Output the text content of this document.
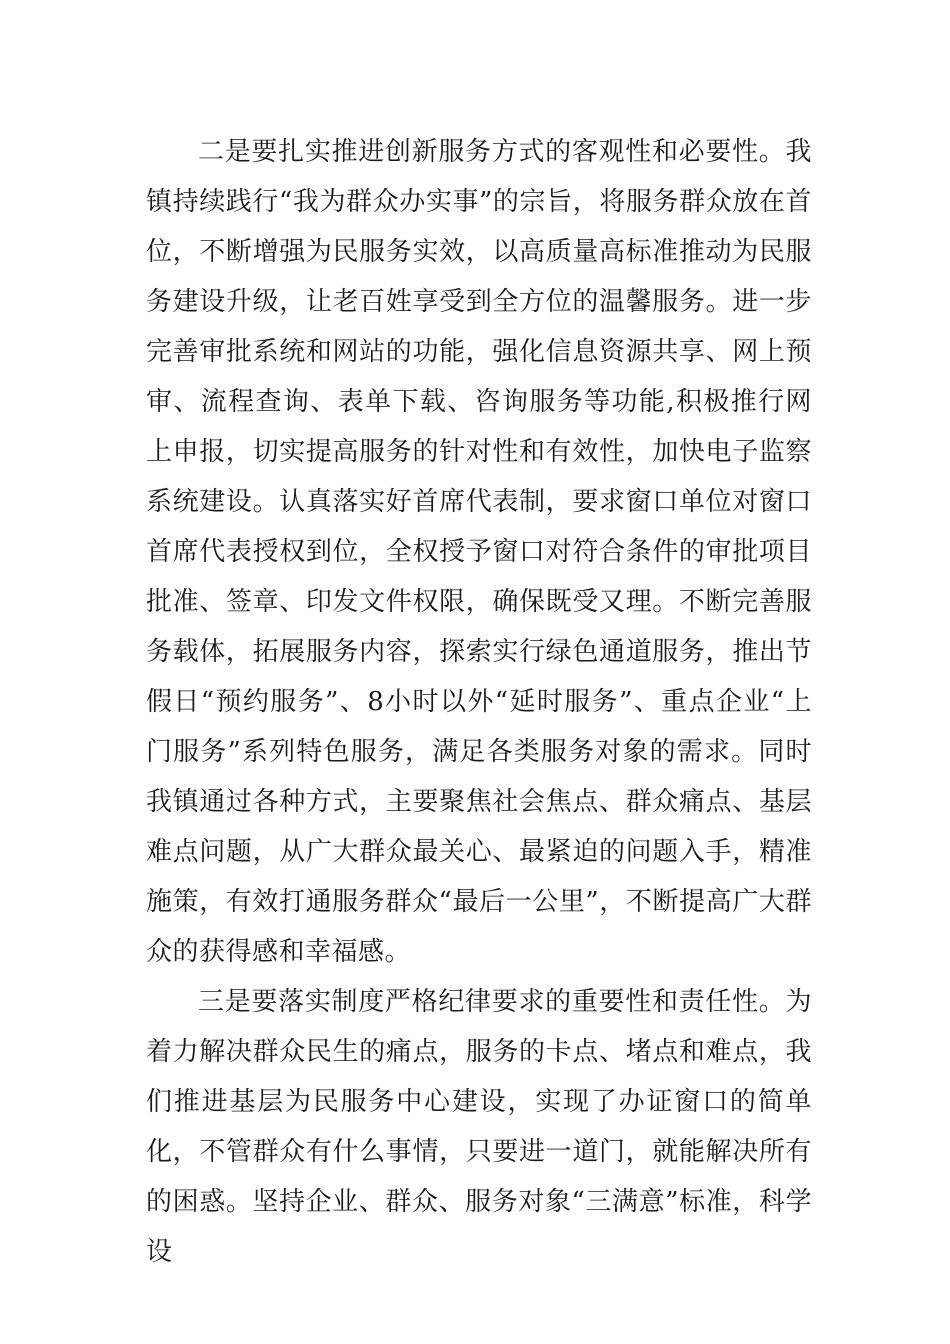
二是要扎实推进创新服务方式的客观性和必要性。我镇持续践行“我为群众办实事”的宗旨，将服务群众放在首位，不断增强为民服务实效，以高质量高标准推动为民服务建设升级，让老百姓享受到全方位的温馨服务。进一步完善审批系统和网站的功能，强化信息资源共享、网上预审、流程查询、表单下载、咨询服务等功能,积极推行网上申报，切实提高服务的针对性和有效性，加快电子监察系统建设。认真落实好首席代表制，要求窗口单位对窗口首席代表授权到位，全权授予窗口对符合条件的审批项目批准、签章、印发文件权限，确保既受又理。不断完善服务载体，拓展服务内容，探索实行绿色通道服务，推出节假日“预约服务”、8小时以外“延时服务”、重点企业“上门服务”系列特色服务，满足各类服务对象的需求。同时我镇通过各种方式，主要聚焦社会焦点、群众痛点、基层难点问题，从广大群众最关心、最紧迫的问题入手，精准施策，有效打通服务群众“最后一公里”，不断提高广大群众的获得感和幸福感。

三是要落实制度严格纪律要求的重要性和责任性。为着力解决群众民生的痛点，服务的卡点、堵点和难点，我们推进基层为民服务中心建设，实现了办证窗口的简单化，不管群众有什么事情，只要进一道门，就能解决所有的困惑。坚持企业、群众、服务对象“三满意”标准，科学设
